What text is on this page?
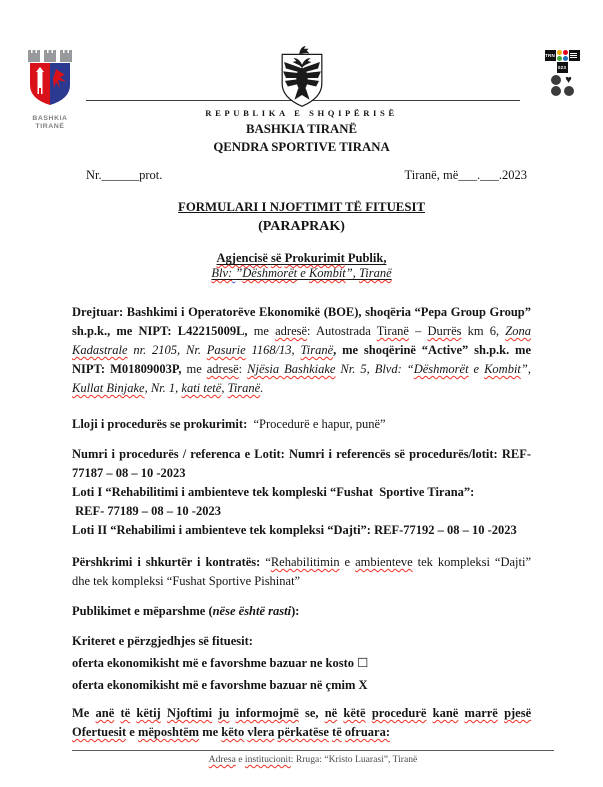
BASHKIA
TIRANË
TRN
023
♥
REPUBLIKA E SHQIPËRISË
BASHKIA TIRANË
QENDRA SPORTIVE TIRANA
Nr.______prot.	Tiranë, më___.___.2023
FORMULARI I NJOFTIMIT TË FITUESIT
(PARAPRAK)
Agjencisë së Prokurimit Publik,
Blv: ”Dëshmorët e Kombit”, Tiranë
Drejtuar: Bashkimi i Operatorëve Ekonomikë (BOE), shoqëria “Pepa Group Group” sh.p.k., me NIPT: L42215009L, me adresë: Autostrada Tiranë – Durrës km 6, Zona Kadastrale nr. 2105, Nr. Pasurie 1168/13, Tiranë, me shoqërinë “Active” sh.p.k. me NIPT: M01809003P, me adresë: Njësia Bashkiake Nr. 5, Blvd: “Dëshmorët e Kombit”, Kullat Binjake, Nr. 1, kati tetë, Tiranë.
Lloji i procedurës se prokurimit:  “Procedurë e hapur, punë”
Numri i procedurës / referenca e Lotit: Numri i referencës së procedurës/lotit: REF-77187 – 08 – 10 -2023
Loti I “Rehabilitimi i ambienteve tek kompleski “Fushat  Sportive Tirana”:
REF- 77189 – 08 – 10 -2023
Loti II “Rehabilimi i ambienteve tek kompleksi “Dajti”: REF-77192 – 08 – 10 -2023
Përshkrimi i shkurtër i kontratës: “Rehabilitimin e ambienteve tek kompleksi “Dajti” dhe tek kompleksi “Fushat Sportive Pishinat”
Publikimet e mëparshme (nëse është rasti):
Kriteret e përzgjedhjes së fituesit:
oferta ekonomikisht më e favorshme bazuar ne kosto ☐
oferta ekonomikisht më e favorshme bazuar në çmim X
Me anë të këtij Njoftimi ju informojmë se, në këtë procedurë kanë marrë pjesë Ofertuesit e mëposhtëm me këto vlera përkatëse të ofruara:
Adresa e institucionit: Rruga: “Kristo Luarasi”, Tiranë
